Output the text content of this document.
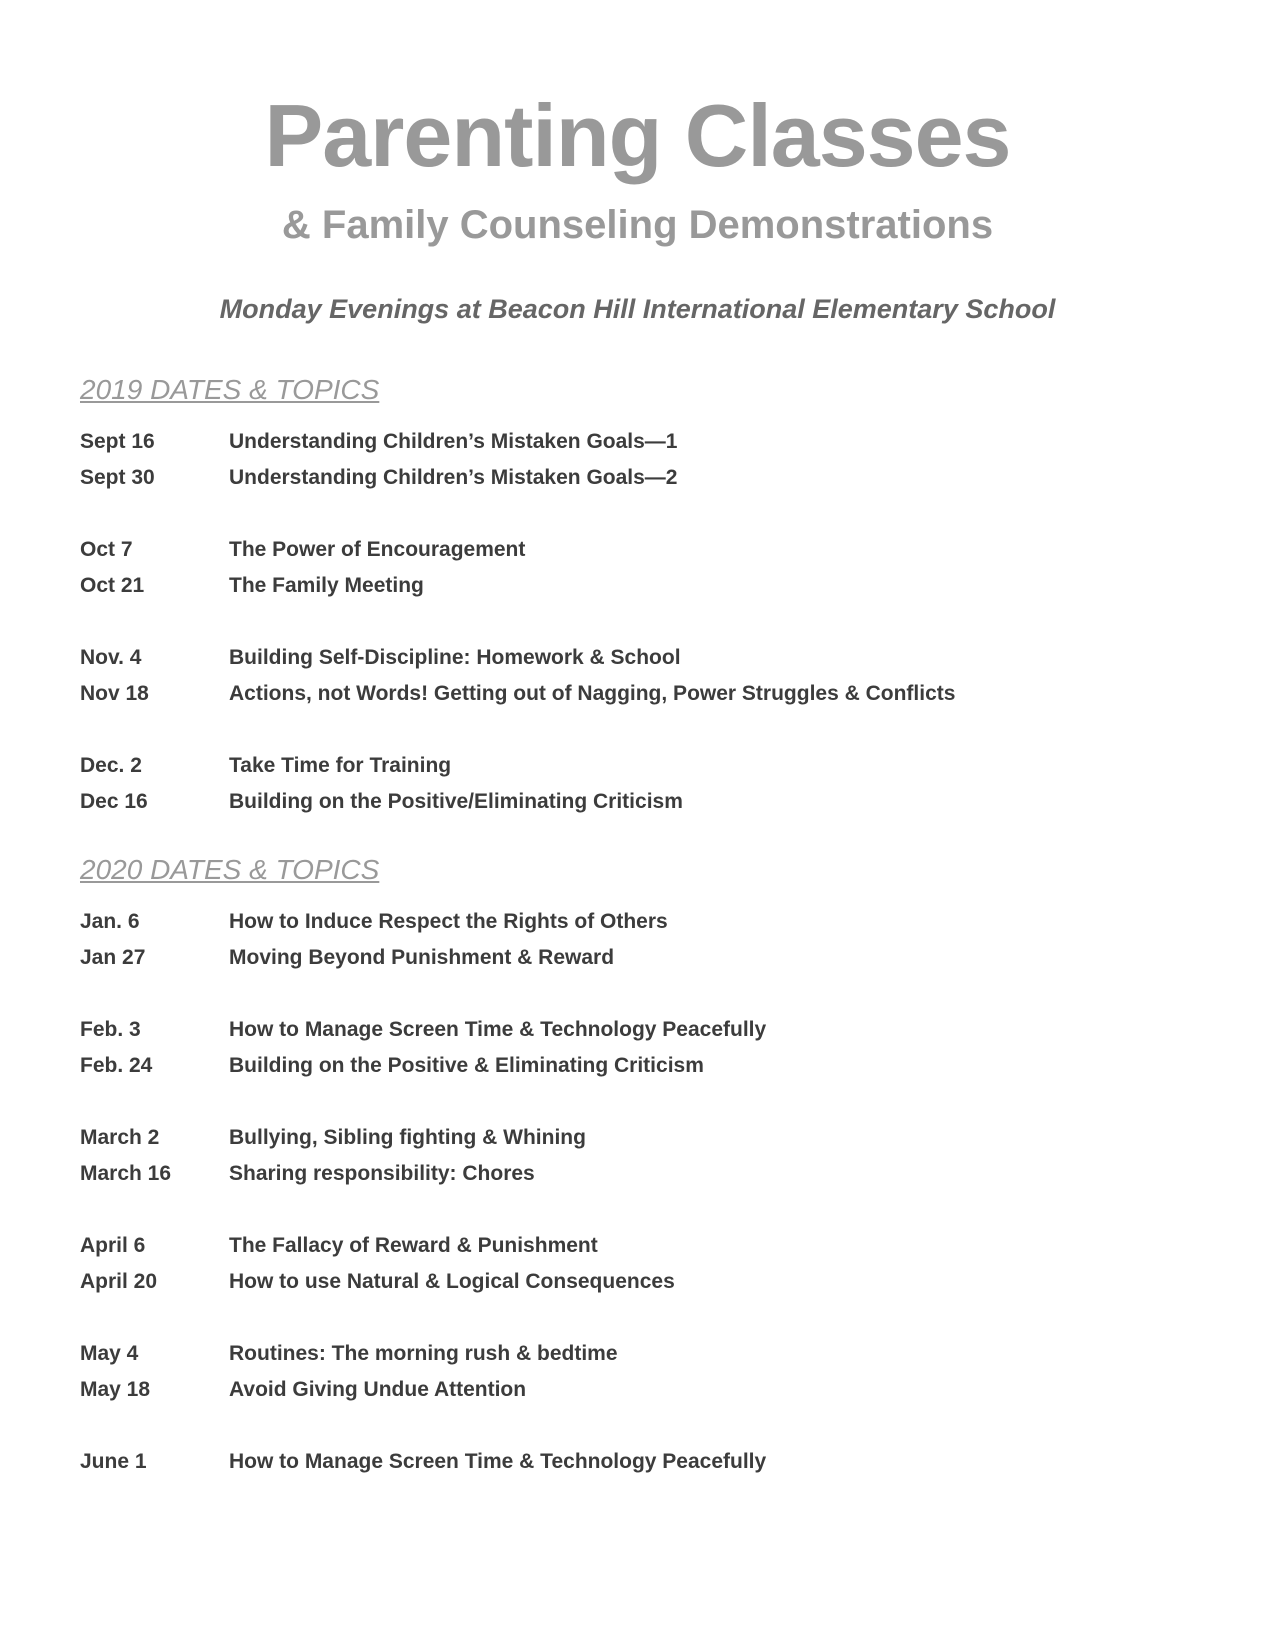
Parenting Classes
& Family Counseling Demonstrations
Monday Evenings at Beacon Hill International Elementary School
2019 DATES & TOPICS
Sept 16	Understanding Children’s Mistaken Goals—1
Sept 30	Understanding Children’s Mistaken Goals—2
Oct 7	The Power of Encouragement
Oct 21	The Family Meeting
Nov. 4	Building Self-Discipline: Homework & School
Nov 18	Actions, not Words! Getting out of Nagging, Power Struggles & Conflicts
Dec. 2	Take Time for Training
Dec 16	Building on the Positive/Eliminating Criticism
2020 DATES & TOPICS
Jan. 6	How to Induce Respect the Rights of Others
Jan 27	Moving Beyond Punishment & Reward
Feb. 3	How to Manage Screen Time & Technology Peacefully
Feb. 24	Building on the Positive & Eliminating Criticism
March 2	Bullying, Sibling fighting & Whining
March 16	Sharing responsibility: Chores
April 6	The Fallacy of Reward & Punishment
April 20	How to use Natural & Logical Consequences
May 4	Routines: The morning rush & bedtime
May 18	Avoid Giving Undue Attention
June 1	How to Manage Screen Time & Technology Peacefully
